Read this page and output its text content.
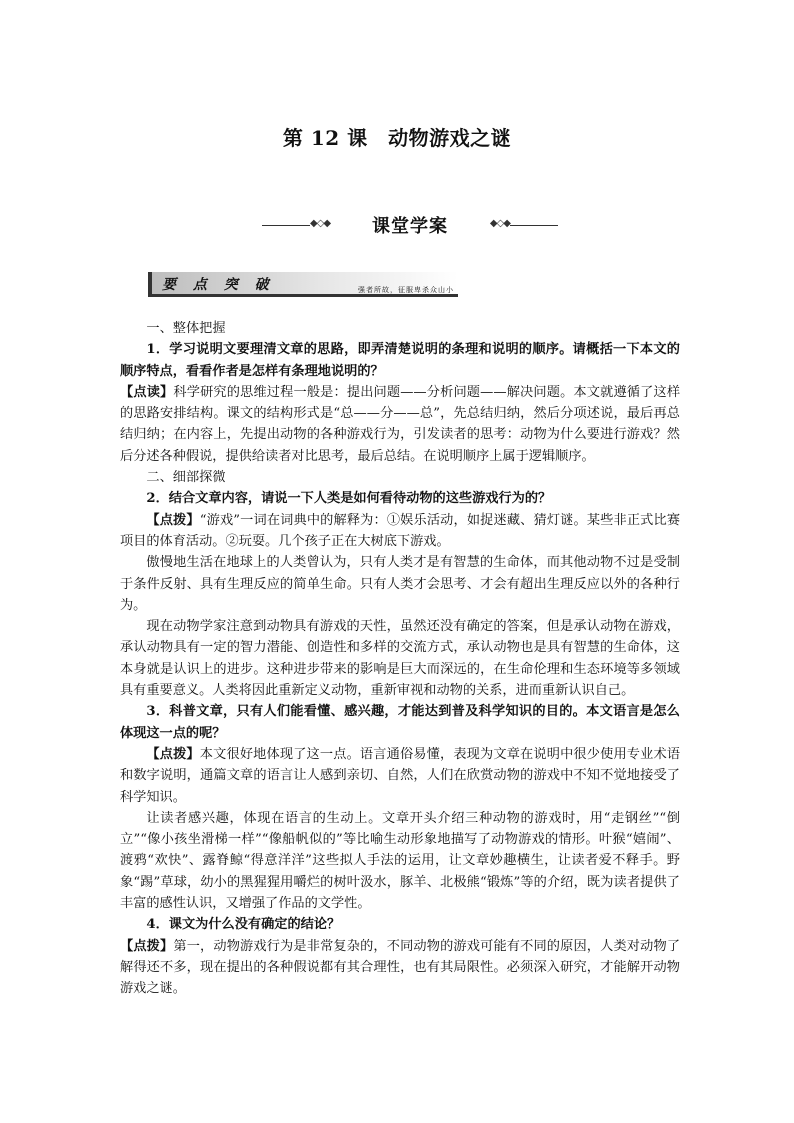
第 12 课　动物游戏之谜
◆◇◆	课堂学案	◆◇◆
要 点 突 破	强者所故，征服卑杀众山小

一、整体把握

1．学习说明文要理清文章的思路，即弄清楚说明的条理和说明的顺序。请概括一下本文的顺序特点，看看作者是怎样有条理地说明的？

【点读】科学研究的思维过程一般是：提出问题——分析问题——解决问题。本文就遵循了这样的思路安排结构。课文的结构形式是“总——分——总”，先总结归纳，然后分项述说，最后再总结归纳；在内容上，先提出动物的各种游戏行为，引发读者的思考：动物为什么要进行游戏？然后分述各种假说，提供给读者对比思考，最后总结。在说明顺序上属于逻辑顺序。

二、细部探微

2．结合文章内容，请说一下人类是如何看待动物的这些游戏行为的？

【点拨】“游戏”一词在词典中的解释为：①娱乐活动，如捉迷藏、猜灯谜。某些非正式比赛项目的体育活动。②玩耍。几个孩子正在大树底下游戏。

傲慢地生活在地球上的人类曾认为，只有人类才是有智慧的生命体，而其他动物不过是受制于条件反射、具有生理反应的简单生命。只有人类才会思考、才会有超出生理反应以外的各种行为。

现在动物学家注意到动物具有游戏的天性，虽然还没有确定的答案，但是承认动物在游戏，承认动物具有一定的智力潜能、创造性和多样的交流方式，承认动物也是具有智慧的生命体，这本身就是认识上的进步。这种进步带来的影响是巨大而深远的，在生命伦理和生态环境等多领域具有重要意义。人类将因此重新定义动物，重新审视和动物的关系，进而重新认识自己。

3．科普文章，只有人们能看懂、感兴趣，才能达到普及科学知识的目的。本文语言是怎么体现这一点的呢？

【点拨】本文很好地体现了这一点。语言通俗易懂，表现为文章在说明中很少使用专业术语和数字说明，通篇文章的语言让人感到亲切、自然，人们在欣赏动物的游戏中不知不觉地接受了科学知识。

让读者感兴趣，体现在语言的生动上。文章开头介绍三种动物的游戏时，用“走钢丝”“倒立”“像小孩坐滑梯一样”“像船帆似的”等比喻生动形象地描写了动物游戏的情形。叶猴“嬉闹”、渡鸦“欢快”、露脊鲸“得意洋洋”这些拟人手法的运用，让文章妙趣横生，让读者爱不释手。野象“踢”草球，幼小的黑猩猩用嚼烂的树叶汲水，豚羊、北极熊“锻炼”等的介绍，既为读者提供了丰富的感性认识，又增强了作品的文学性。

4．课文为什么没有确定的结论？

【点拨】第一，动物游戏行为是非常复杂的，不同动物的游戏可能有不同的原因，人类对动物了解得还不多，现在提出的各种假说都有其合理性，也有其局限性。必须深入研究，才能解开动物游戏之谜。
